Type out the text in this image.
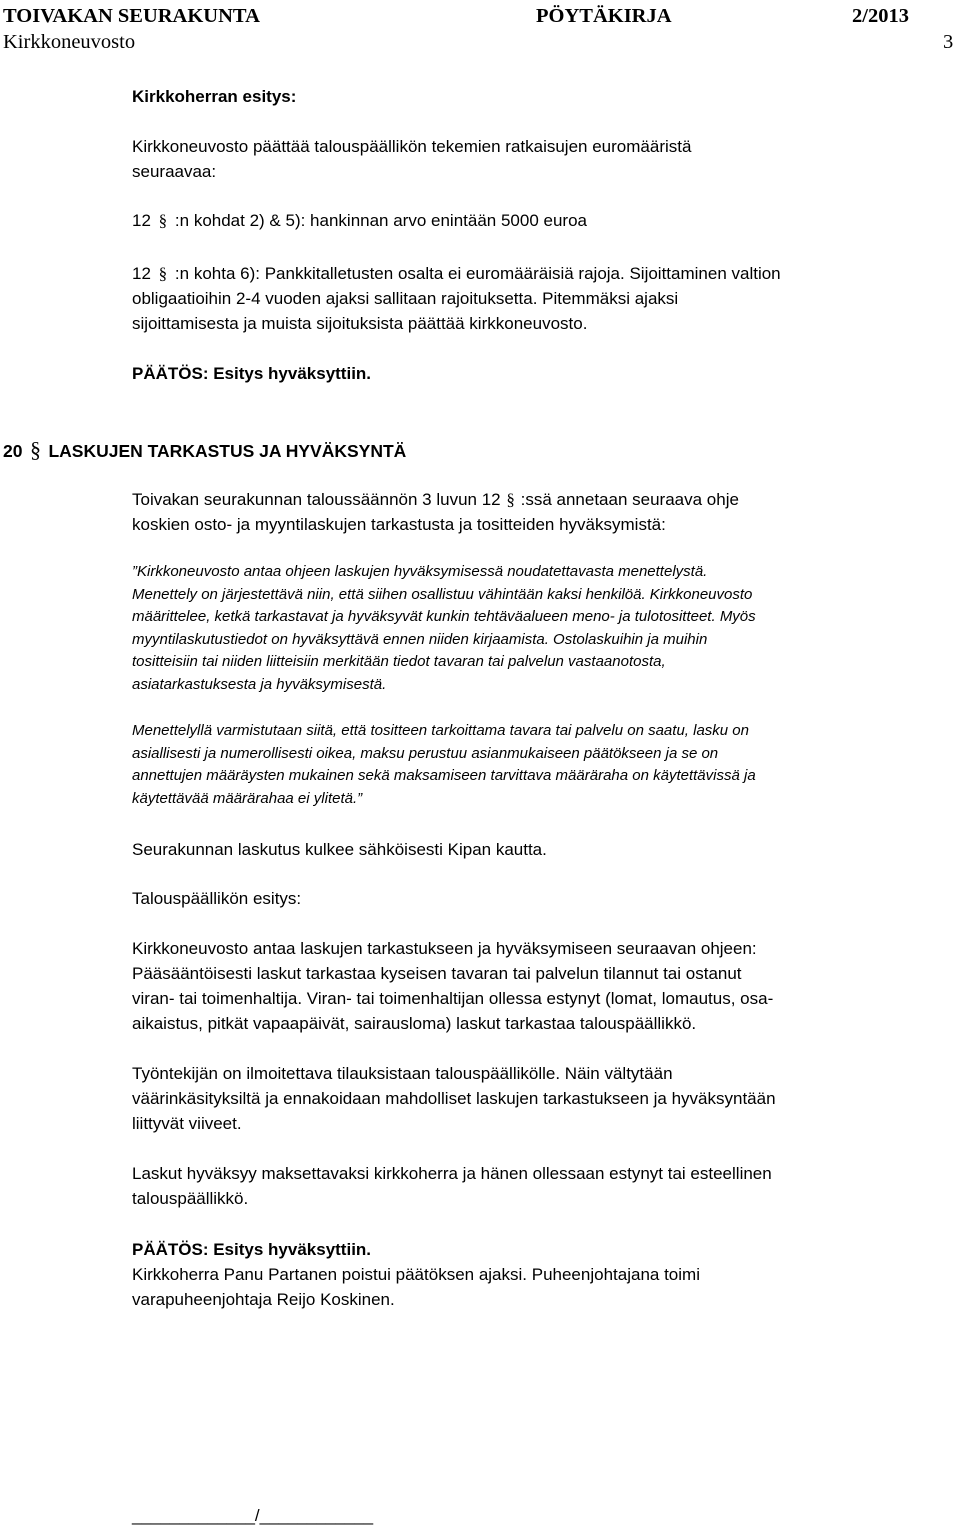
TOIVAKAN SEURAKUNTA	PÖYTÄKIRJA	2/2013
Kirkkoneuvosto	3
Kirkkoherran esitys:
Kirkkoneuvosto päättää talouspäällikön tekemien ratkaisujen euromääristä
seuraavaa:
12 § :n kohdat 2) & 5): hankinnan arvo enintään 5000 euroa
12 § :n kohta 6): Pankkitalletusten osalta ei euromääräisiä rajoja. Sijoittaminen valtion
obligaatioihin 2-4 vuoden ajaksi sallitaan rajoituksetta. Pitemmäksi ajaksi
sijoittamisesta ja muista sijoituksista päättää kirkkoneuvosto.
PÄÄTÖS: Esitys hyväksyttiin.
20 § LASKUJEN TARKASTUS JA HYVÄKSYNTÄ
Toivakan seurakunnan taloussäännön 3 luvun 12 § :ssä annetaan seuraava ohje
koskien osto- ja myyntilaskujen tarkastusta ja tositteiden hyväksymistä:
”Kirkkoneuvosto antaa ohjeen laskujen hyväksymisessä noudatettavasta menettelystä.
Menettely on järjestettävä niin, että siihen osallistuu vähintään kaksi henkilöä. Kirkkoneuvosto
määrittelee, ketkä tarkastavat ja hyväksyvät kunkin tehtäväalueen meno- ja tulotositteet. Myös
myyntilaskutustiedot on hyväksyttävä ennen niiden kirjaamista. Ostolaskuihin ja muihin
tositteisiin tai niiden liitteisiin merkitään tiedot tavaran tai palvelun vastaanotosta,
asiatarkastuksesta ja hyväksymisestä.
Menettelyllä varmistutaan siitä, että tositteen tarkoittama tavara tai palvelu on saatu, lasku on
asiallisesti ja numerollisesti oikea, maksu perustuu asianmukaiseen päätökseen ja se on
annettujen määräysten mukainen sekä maksamiseen tarvittava määräraha on käytettävissä ja
käytettävää määrärahaa ei ylitetä.”
Seurakunnan laskutus kulkee sähköisesti Kipan kautta.
Talouspäällikön esitys:
Kirkkoneuvosto antaa laskujen tarkastukseen ja hyväksymiseen seuraavan ohjeen:
Pääsääntöisesti laskut tarkastaa kyseisen tavaran tai palvelun tilannut tai ostanut
viran- tai toimenhaltija. Viran- tai toimenhaltijan ollessa estynyt (lomat, lomautus, osa-
aikaistus, pitkät vapaapäivät, sairausloma) laskut tarkastaa talouspäällikkö.
Työntekijän on ilmoitettava tilauksistaan talouspäällikölle. Näin vältytään
väärinkäsityksiltä ja ennakoidaan mahdolliset laskujen tarkastukseen ja hyväksyntään
liittyvät viiveet.
Laskut hyväksyy maksettavaksi kirkkoherra ja hänen ollessaan estynyt tai esteellinen
talouspäällikkö.
PÄÄTÖS: Esitys hyväksyttiin.
Kirkkoherra Panu Partanen poistui päätöksen ajaksi. Puheenjohtajana toimi
varapuheenjohtaja Reijo Koskinen.
_____________/____________
